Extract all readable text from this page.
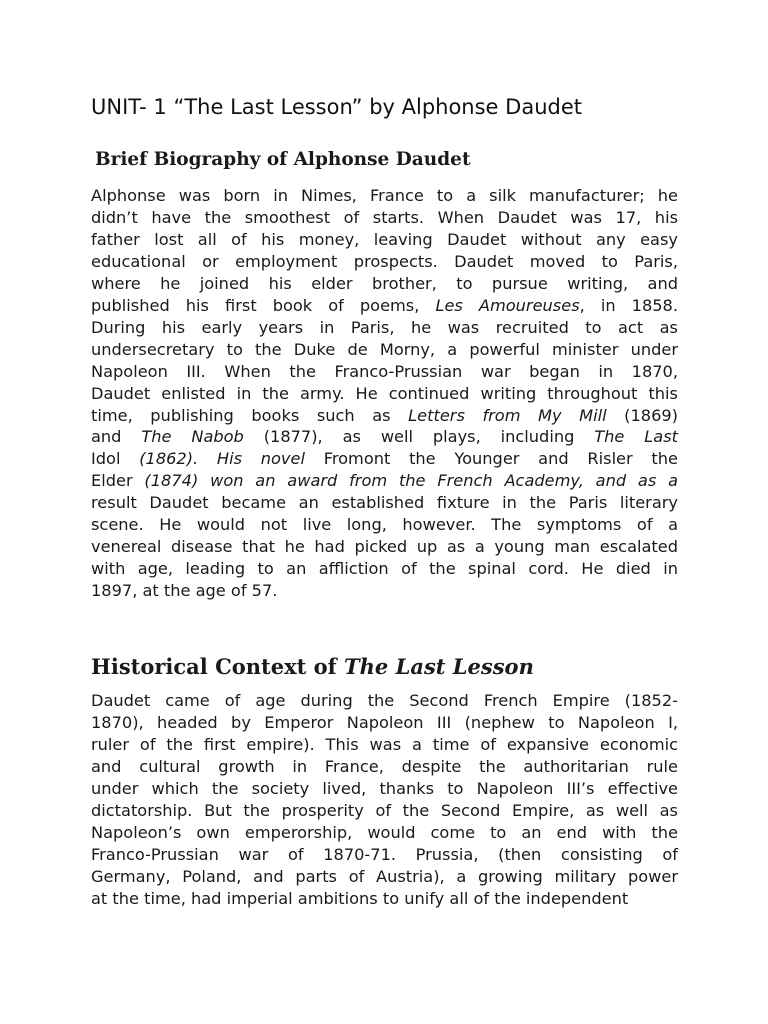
UNIT- 1 “The Last Lesson” by Alphonse Daudet
Brief Biography of Alphonse Daudet
Alphonse was born in Nimes, France to a silk manufacturer; he
didn’t have the smoothest of starts. When Daudet was 17, his
father lost all of his money, leaving Daudet without any easy
educational or employment prospects. Daudet moved to Paris,
where he joined his elder brother, to pursue writing, and
published his first book of poems, Les Amoureuses, in 1858.
During his early years in Paris, he was recruited to act as
undersecretary to the Duke de Morny, a powerful minister under
Napoleon III. When the Franco-Prussian war began in 1870,
Daudet enlisted in the army. He continued writing throughout this
time, publishing books such as Letters from My Mill (1869)
and The Nabob (1877), as well plays, including The Last
Idol (1862). His novel Fromont the Younger and Risler the
Elder (1874) won an award from the French Academy, and as a
result Daudet became an established fixture in the Paris literary
scene. He would not live long, however. The symptoms of a
venereal disease that he had picked up as a young man escalated
with age, leading to an affliction of the spinal cord. He died in
1897, at the age of 57.
Historical Context of The Last Lesson
Daudet came of age during the Second French Empire (1852-
1870), headed by Emperor Napoleon III (nephew to Napoleon I,
ruler of the first empire). This was a time of expansive economic
and cultural growth in France, despite the authoritarian rule
under which the society lived, thanks to Napoleon III’s effective
dictatorship. But the prosperity of the Second Empire, as well as
Napoleon’s own emperorship, would come to an end with the
Franco-Prussian war of 1870-71. Prussia, (then consisting of
Germany, Poland, and parts of Austria), a growing military power
at the time, had imperial ambitions to unify all of the independent
